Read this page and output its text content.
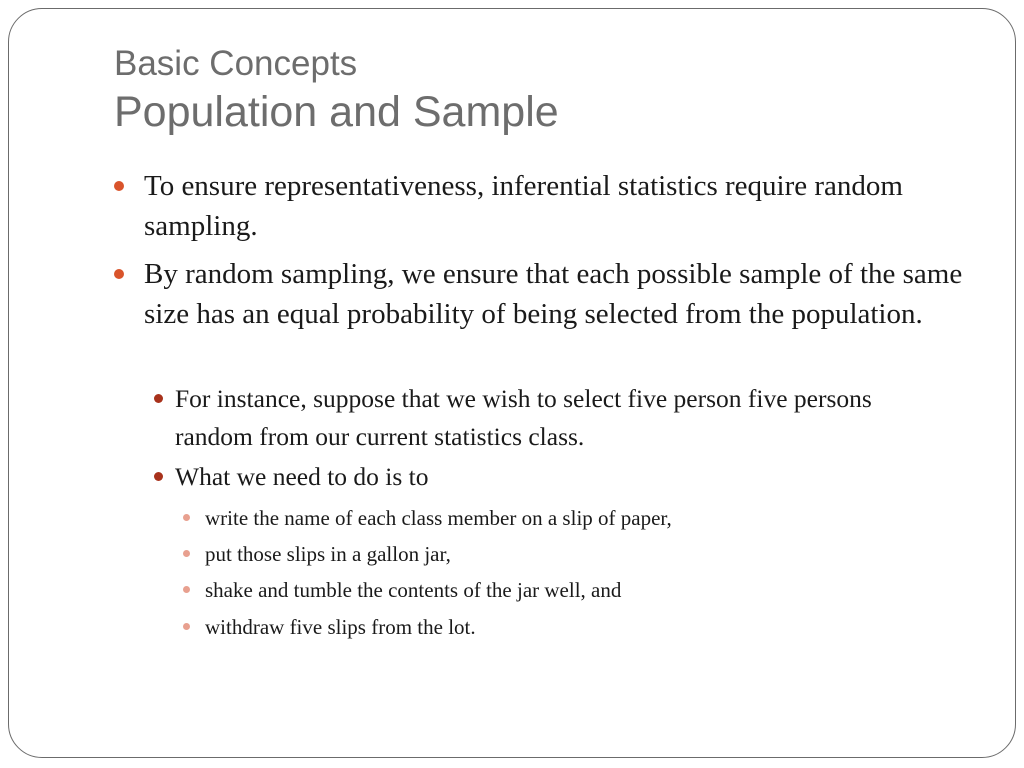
Basic Concepts
Population and Sample
To ensure representativeness, inferential statistics require random sampling.
By random sampling, we ensure that each possible sample of the same size has an equal probability of being selected from the population.
For instance, suppose that we wish to select five person five persons random from our current statistics class.
What we need to do is to
write the name of each class member on a slip of paper,
put those slips in a gallon jar,
shake and tumble the contents of the jar well, and
withdraw five slips from the lot.
